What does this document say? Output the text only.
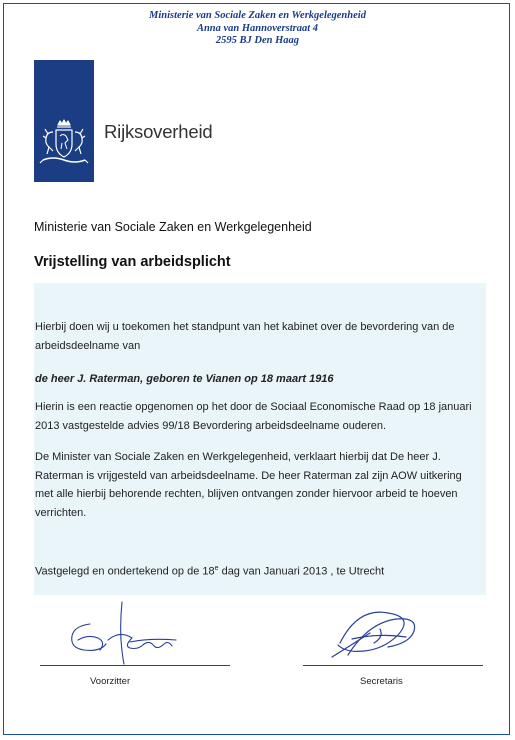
Ministerie van Sociale Zaken en Werkgelegenheid
Anna van Hannoverstraat 4
2595 BJ Den Haag
Rijksoverheid
Ministerie van Sociale Zaken en Werkgelegenheid
Vrijstelling van arbeidsplicht
Hierbij doen wij u toekomen het standpunt van het kabinet over de bevordering van de arbeidsdeelname van
de heer J. Raterman, geboren te Vianen op 18 maart 1916
Hierin is een reactie opgenomen op het door de Sociaal Economische Raad op 18 januari 2013 vastgestelde advies 99/18 Bevordering arbeidsdeelname ouderen.
De Minister van Sociale Zaken en Werkgelegenheid, verklaart hierbij dat De heer J. Raterman is vrijgesteld van arbeidsdeelname. De heer Raterman zal zijn AOW uitkering met alle hierbij behorende rechten, blijven ontvangen zonder hiervoor arbeid te hoeven verrichten.
Vastgelegd en ondertekend op de 18e dag van Januari 2013 , te Utrecht
Voorzitter	Secretaris
